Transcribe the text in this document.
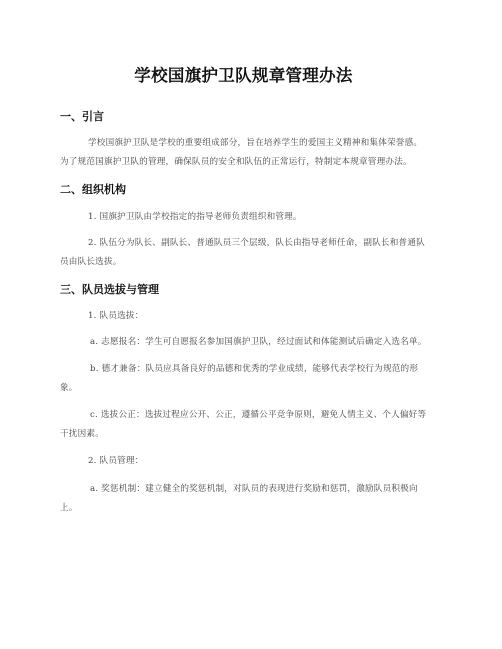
学校国旗护卫队规章管理办法
一、引言

学校国旗护卫队是学校的重要组成部分，旨在培养学生的爱国主义精神和集体荣誉感。为了规范国旗护卫队的管理，确保队员的安全和队伍的正常运行，特制定本规章管理办法。

二、组织机构

1. 国旗护卫队由学校指定的指导老师负责组织和管理。

2. 队伍分为队长、副队长、普通队员三个层级，队长由指导老师任命，副队长和普通队员由队长选拔。

三、队员选拔与管理

1. 队员选拔：

a. 志愿报名：学生可自愿报名参加国旗护卫队，经过面试和体能测试后确定入选名单。

b. 德才兼备：队员应具备良好的品德和优秀的学业成绩，能够代表学校行为规范的形象。

c. 选拔公正：选拔过程应公开、公正，遵循公平竞争原则，避免人情主义、个人偏好等干扰因素。

2. 队员管理：

a. 奖惩机制：建立健全的奖惩机制，对队员的表现进行奖励和惩罚，激励队员积极向上。
